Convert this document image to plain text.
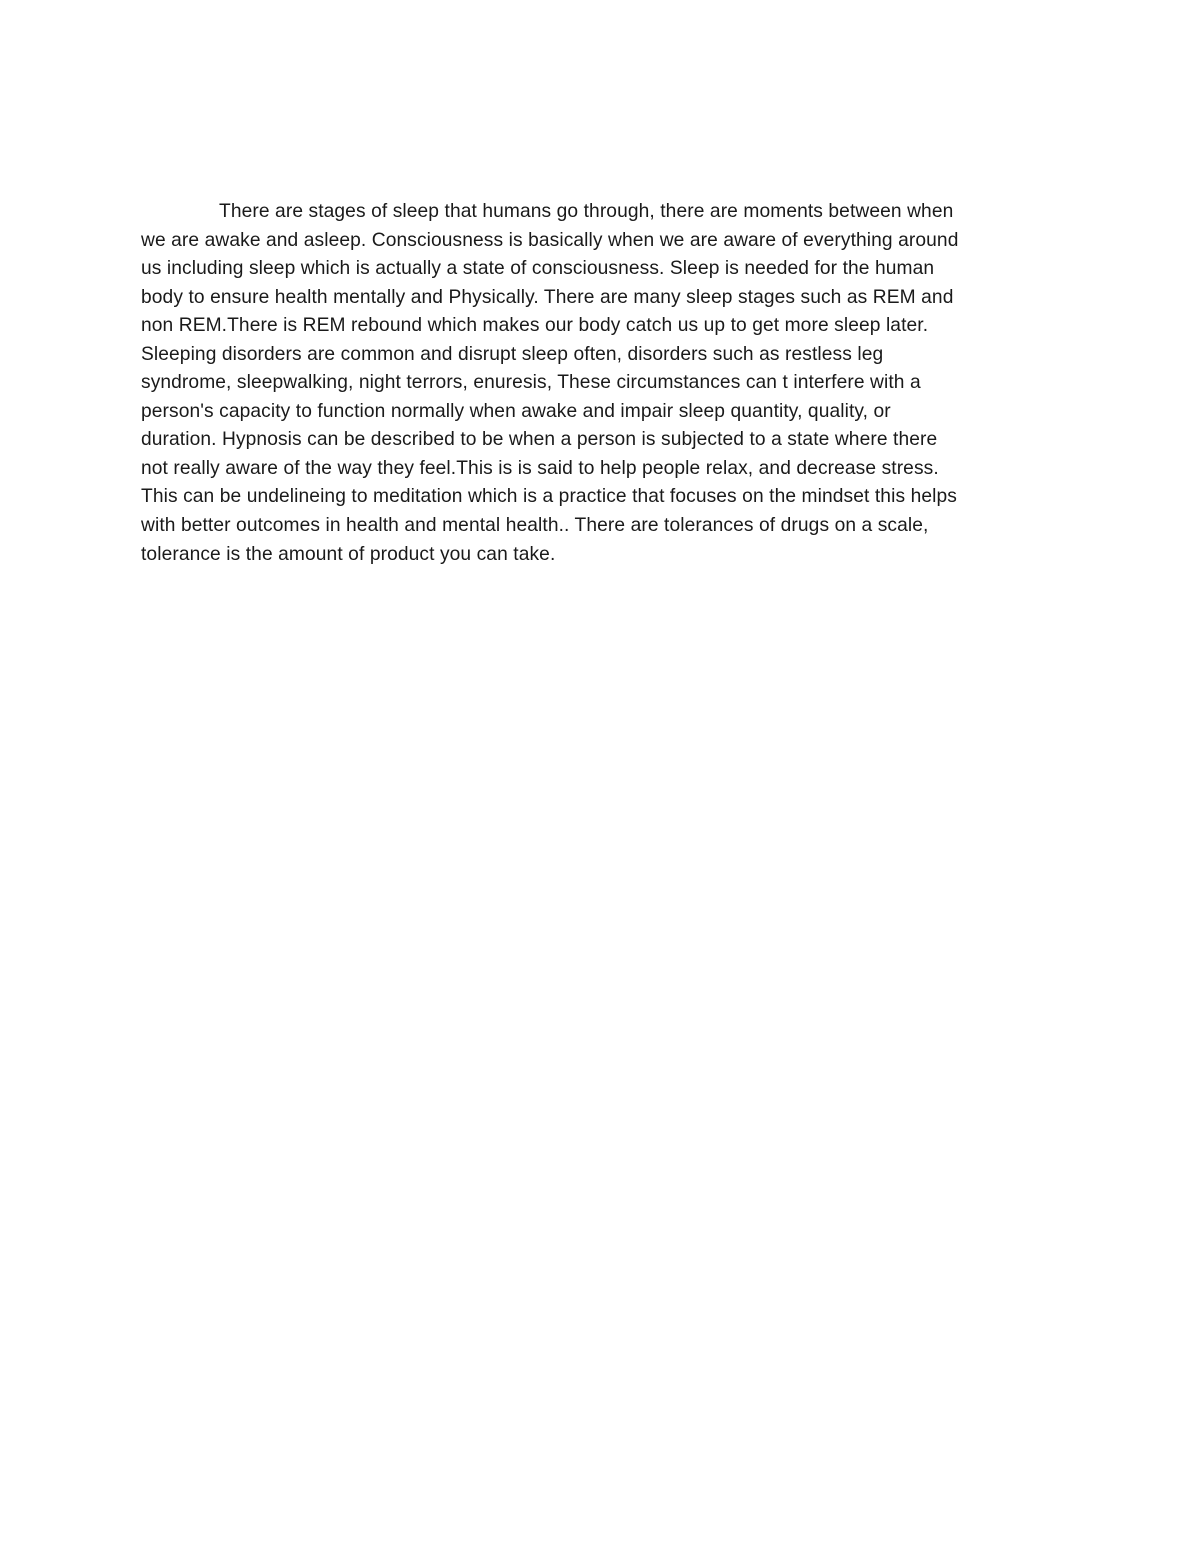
There are stages of sleep that humans go through, there are moments between when
we are awake and asleep. Consciousness is basically when we are aware of everything around
us including sleep which is actually a state of consciousness. Sleep is needed for the human
body to ensure health mentally and Physically. There are many sleep stages such as REM and
non REM.There is REM rebound which makes our body catch us up to get more sleep later.
Sleeping disorders are common and disrupt sleep often, disorders such as restless leg
syndrome, sleepwalking, night terrors, enuresis, These circumstances can t interfere with a
person's capacity to function normally when awake and impair sleep quantity, quality, or
duration. Hypnosis can be described to be when a person is subjected to a state where there
not really aware of the way they feel.This is is said to help people relax, and decrease stress.
This can be undelineing to meditation which is a practice that focuses on the mindset this helps
with better outcomes in health and mental health.. There are tolerances of drugs on a scale,
tolerance is the amount of product you can take.
